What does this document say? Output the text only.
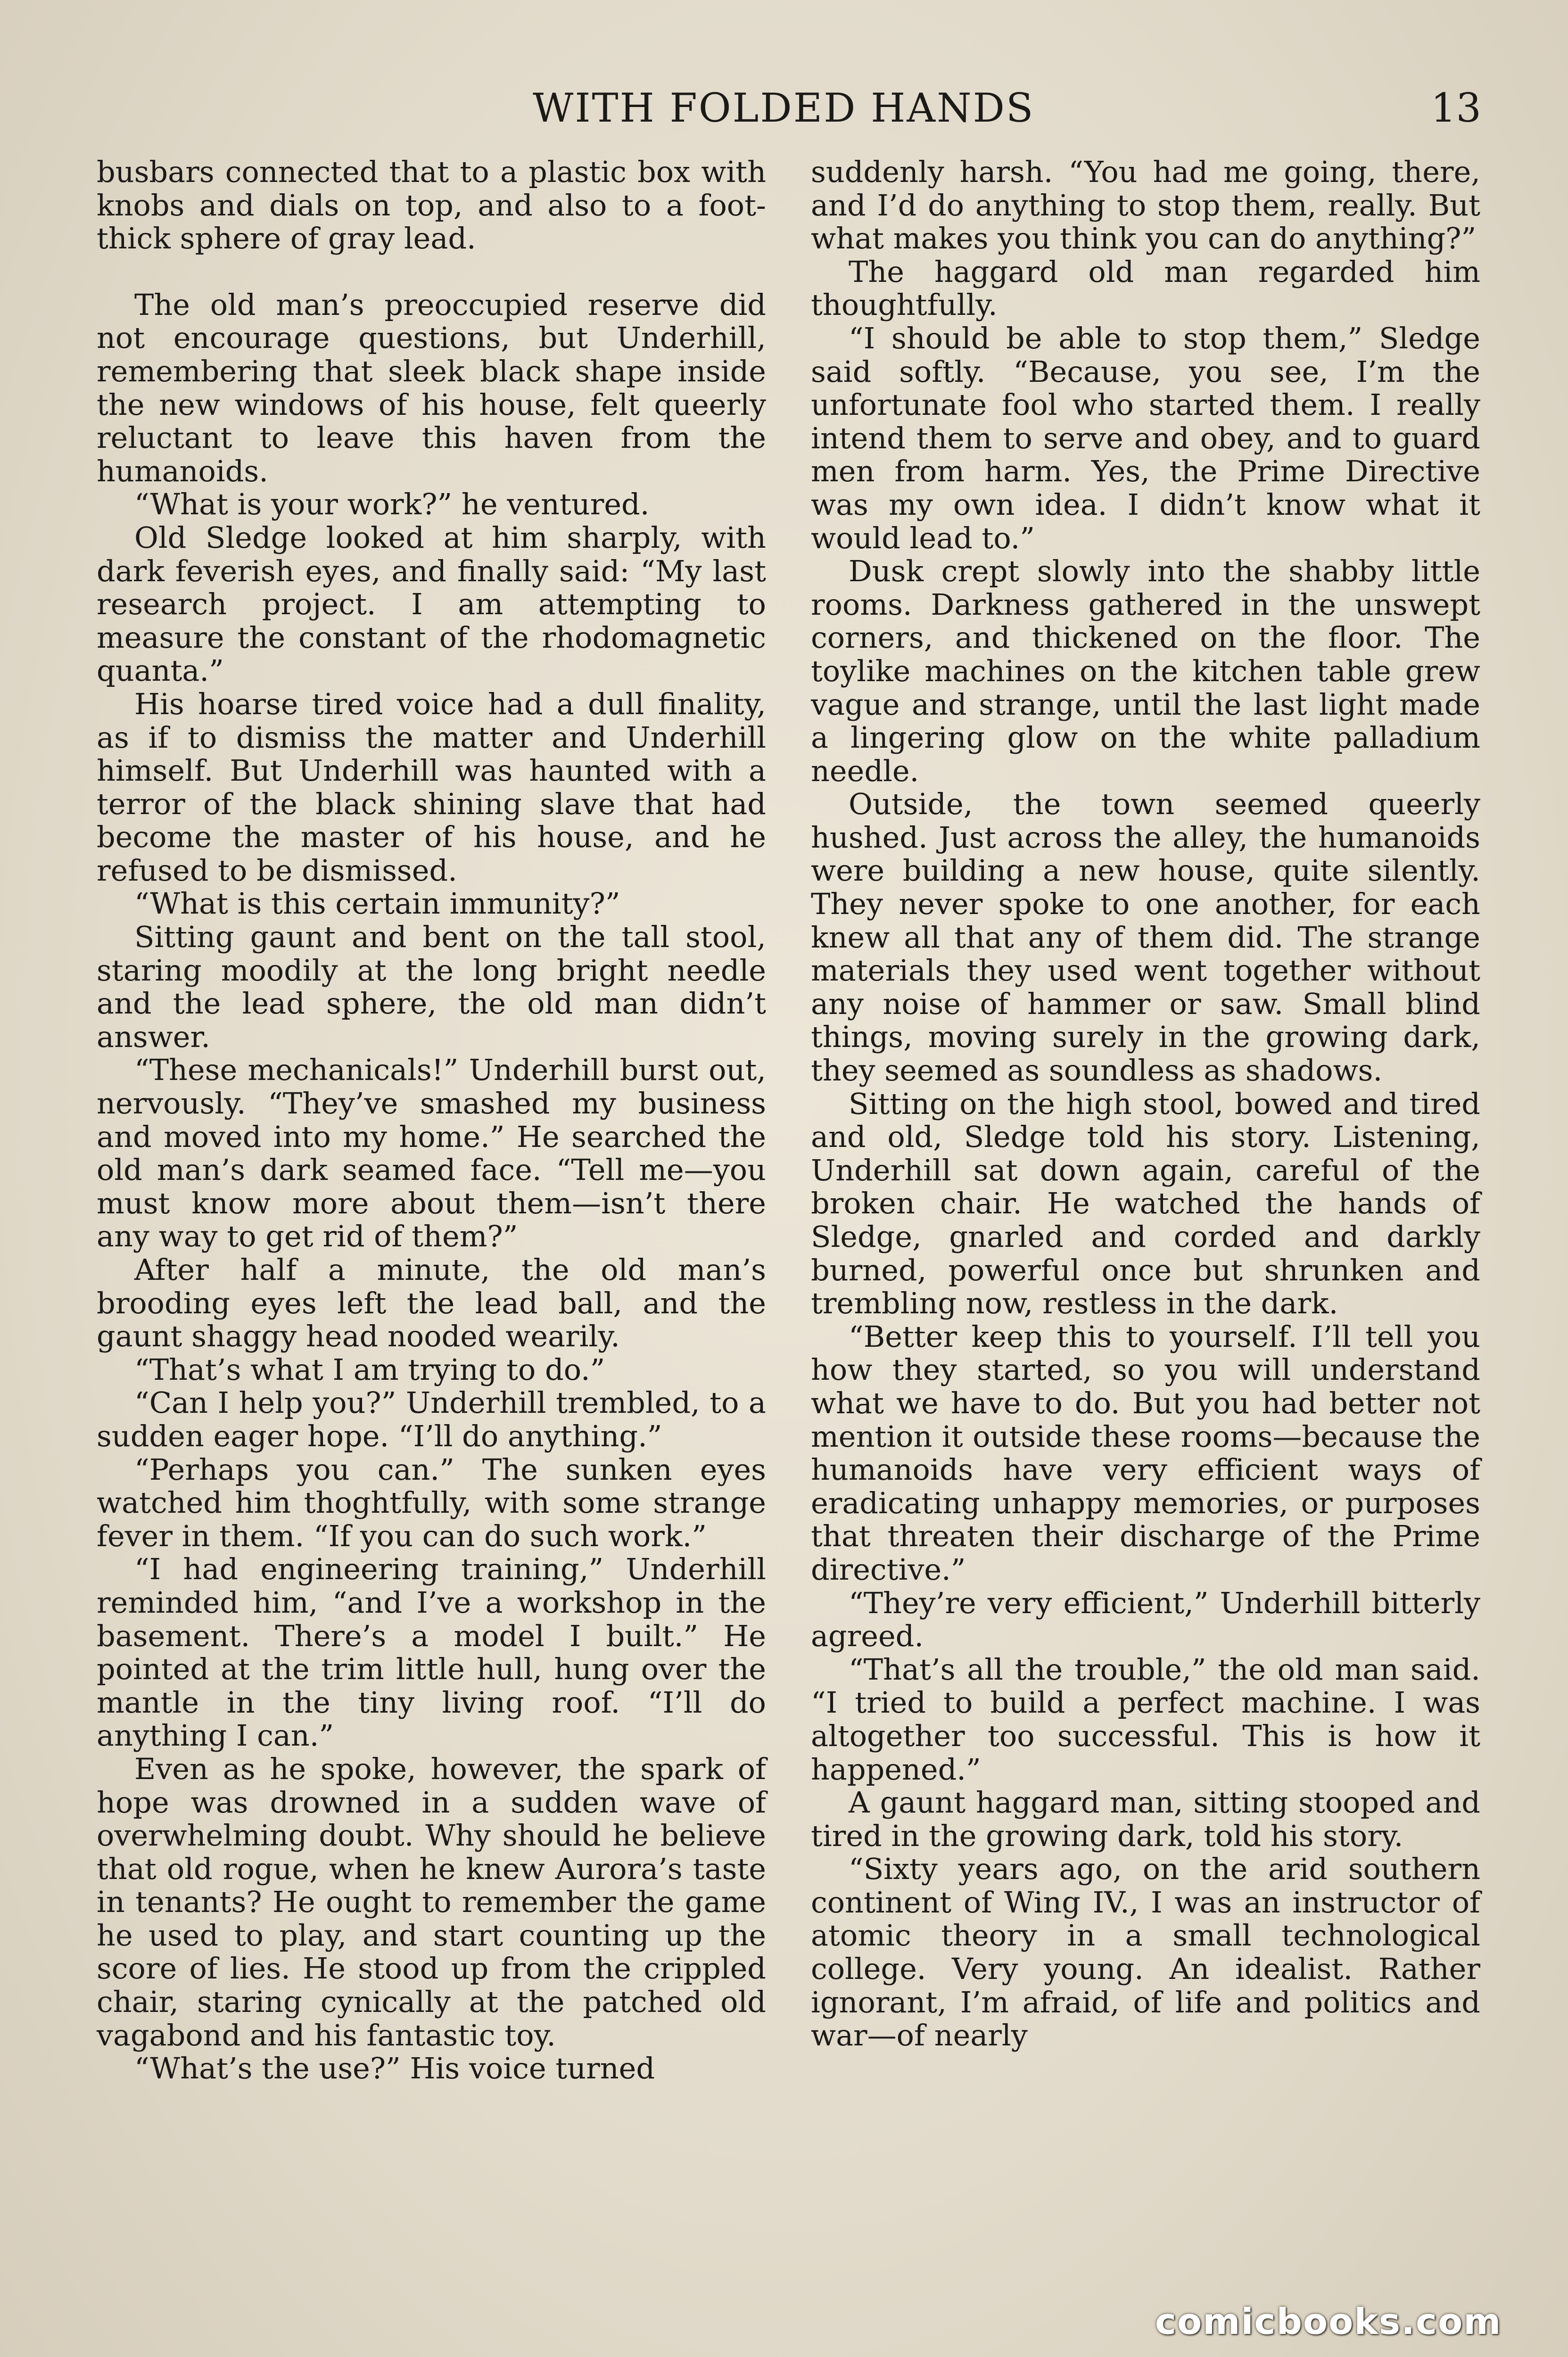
WITH FOLDED HANDS	13

busbars connected that to a plastic box with knobs and dials on top, and also to a foot-thick sphere of gray lead.

The old man’s preoccupied reserve did not encourage questions, but Underhill, remembering that sleek black shape inside the new windows of his house, felt queerly reluctant to leave this haven from the humanoids.

“What is your work?” he ventured.

Old Sledge looked at him sharply, with dark feverish eyes, and finally said: “My last research project. I am attempting to measure the constant of the rhodomagnetic quanta.”

His hoarse tired voice had a dull finality, as if to dismiss the matter and Underhill himself. But Underhill was haunted with a terror of the black shining slave that had become the master of his house, and he refused to be dismissed.

“What is this certain immunity?”

Sitting gaunt and bent on the tall stool, staring moodily at the long bright needle and the lead sphere, the old man didn’t answer.

“These mechanicals!” Underhill burst out, nervously. “They’ve smashed my business and moved into my home.” He searched the old man’s dark seamed face. “Tell me—you must know more about them—isn’t there any way to get rid of them?”

After half a minute, the old man’s brooding eyes left the lead ball, and the gaunt shaggy head nooded wearily.

“That’s what I am trying to do.”

“Can I help you?” Underhill trembled, to a sudden eager hope. “I’ll do anything.”

“Perhaps you can.” The sunken eyes watched him thoghtfully, with some strange fever in them. “If you can do such work.”

“I had engineering training,” Underhill reminded him, “and I’ve a workshop in the basement. There’s a model I built.” He pointed at the trim little hull, hung over the mantle in the tiny living roof. “I’ll do anything I can.”

Even as he spoke, however, the spark of hope was drowned in a sudden wave of overwhelming doubt. Why should he believe that old rogue, when he knew Aurora’s taste in tenants? He ought to remember the game he used to play, and start counting up the score of lies. He stood up from the crippled chair, staring cynically at the patched old vagabond and his fantastic toy.

“What’s the use?” His voice turned

suddenly harsh. “You had me going, there, and I’d do anything to stop them, really. But what makes you think you can do anything?”

The haggard old man regarded him thoughtfully.

“I should be able to stop them,” Sledge said softly. “Because, you see, I’m the unfortunate fool who started them. I really intend them to serve and obey, and to guard men from harm. Yes, the Prime Directive was my own idea. I didn’t know what it would lead to.”

Dusk crept slowly into the shabby little rooms. Darkness gathered in the unswept corners, and thickened on the floor. The toylike machines on the kitchen table grew vague and strange, until the last light made a lingering glow on the white palladium needle.

Outside, the town seemed queerly hushed. Just across the alley, the humanoids were building a new house, quite silently. They never spoke to one another, for each knew all that any of them did. The strange materials they used went together without any noise of hammer or saw. Small blind things, moving surely in the growing dark, they seemed as soundless as shadows.

Sitting on the high stool, bowed and tired and old, Sledge told his story. Listening, Underhill sat down again, careful of the broken chair. He watched the hands of Sledge, gnarled and corded and darkly burned, powerful once but shrunken and trembling now, restless in the dark.

“Better keep this to yourself. I’ll tell you how they started, so you will understand what we have to do. But you had better not mention it outside these rooms—because the humanoids have very efficient ways of eradicating unhappy memories, or purposes that threaten their discharge of the Prime directive.”

“They’re very efficient,” Underhill bitterly agreed.

“That’s all the trouble,” the old man said. “I tried to build a perfect machine. I was altogether too successful. This is how it happened.”

A gaunt haggard man, sitting stooped and tired in the growing dark, told his story.

“Sixty years ago, on the arid southern continent of Wing IV., I was an instructor of atomic theory in a small technological college. Very young. An idealist. Rather ignorant, I’m afraid, of life and politics and war—of nearly

comicbooks.com
